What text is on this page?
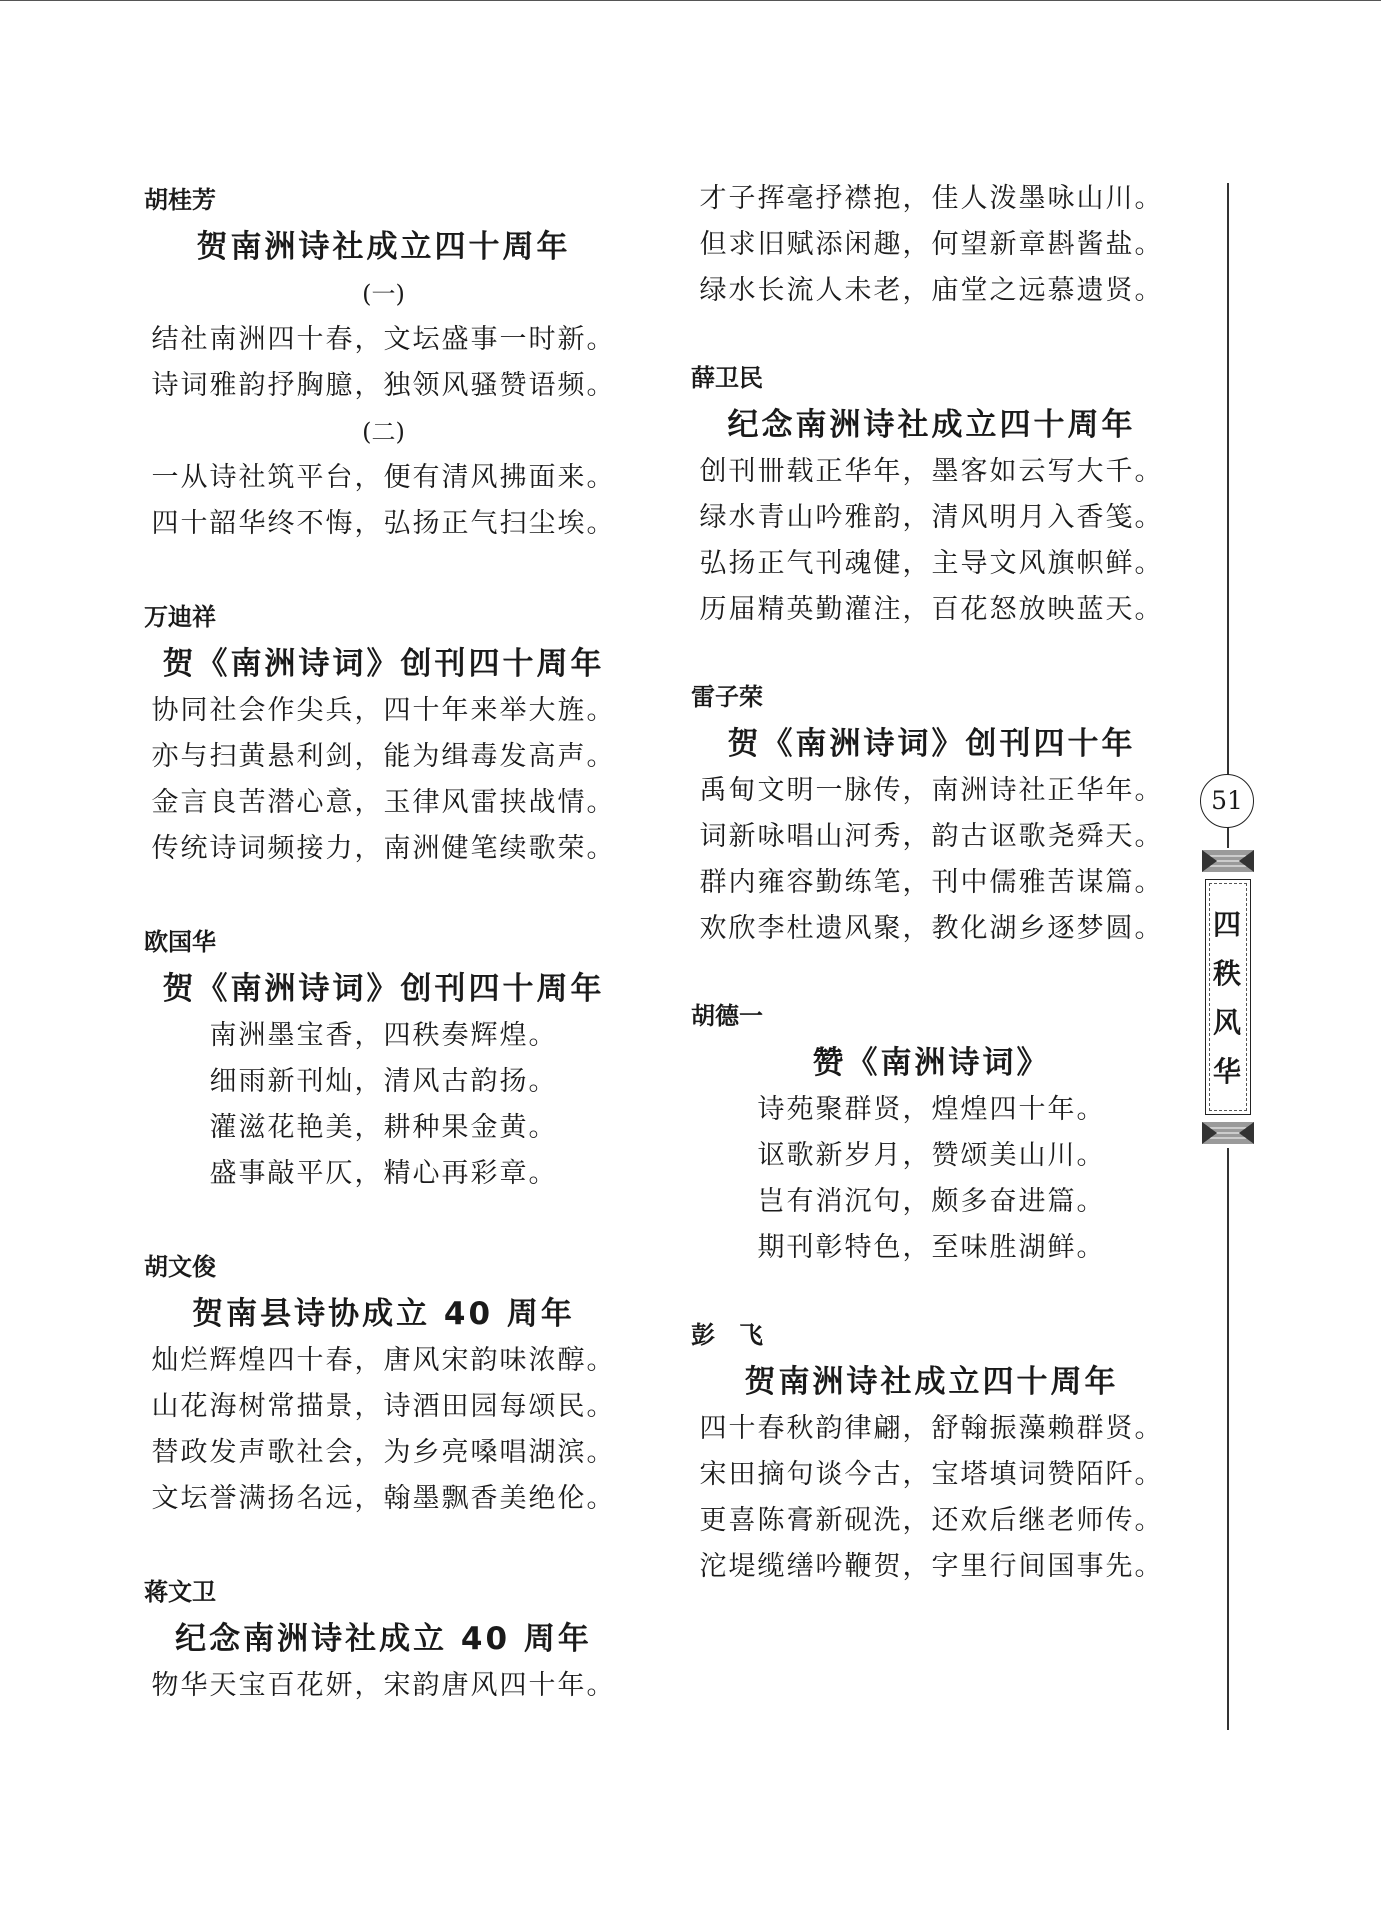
胡桂芳
贺南洲诗社成立四十周年
(一)
结社南洲四十春，文坛盛事一时新。
诗词雅韵抒胸臆，独领风骚赞语频。
(二)
一从诗社筑平台，便有清风拂面来。
四十韶华终不悔，弘扬正气扫尘埃。
万迪祥
贺《南洲诗词》创刊四十周年
协同社会作尖兵，四十年来举大旌。
亦与扫黄悬利剑，能为缉毒发高声。
金言良苦潜心意，玉律风雷挟战情。
传统诗词频接力，南洲健笔续歌荣。
欧国华
贺《南洲诗词》创刊四十周年
南洲墨宝香，四秩奏辉煌。
细雨新刊灿，清风古韵扬。
灌滋花艳美，耕种果金黄。
盛事敲平仄，精心再彩章。
胡文俊
贺南县诗协成立 40 周年
灿烂辉煌四十春，唐风宋韵味浓醇。
山花海树常描景，诗酒田园每颂民。
替政发声歌社会，为乡亮嗓唱湖滨。
文坛誉满扬名远，翰墨飘香美绝伦。
蒋文卫
纪念南洲诗社成立 40 周年
物华天宝百花妍，宋韵唐风四十年。
才子挥毫抒襟抱，佳人泼墨咏山川。
但求旧赋添闲趣，何望新章斟酱盐。
绿水长流人未老，庙堂之远慕遗贤。
薛卫民
纪念南洲诗社成立四十周年
创刊卌载正华年，墨客如云写大千。
绿水青山吟雅韵，清风明月入香笺。
弘扬正气刊魂健，主导文风旗帜鲜。
历届精英勤灌注，百花怒放映蓝天。
雷子荣
贺《南洲诗词》创刊四十年
禹甸文明一脉传，南洲诗社正华年。
词新咏唱山河秀，韵古讴歌尧舜天。
群内雍容勤练笔，刊中儒雅苦谋篇。
欢欣李杜遗风聚，教化湖乡逐梦圆。
胡德一
赞《南洲诗词》
诗苑聚群贤，煌煌四十年。
讴歌新岁月，赞颂美山川。
岂有消沉句，颇多奋进篇。
期刊彰特色，至味胜湖鲜。
彭　飞
贺南洲诗社成立四十周年
四十春秋韵律翩，舒翰振藻赖群贤。
宋田摘句谈今古，宝塔填词赞陌阡。
更喜陈膏新砚洗，还欢后继老师传。
沱堤缆缮吟鞭贺，字里行间国事先。
51
四秩风华
